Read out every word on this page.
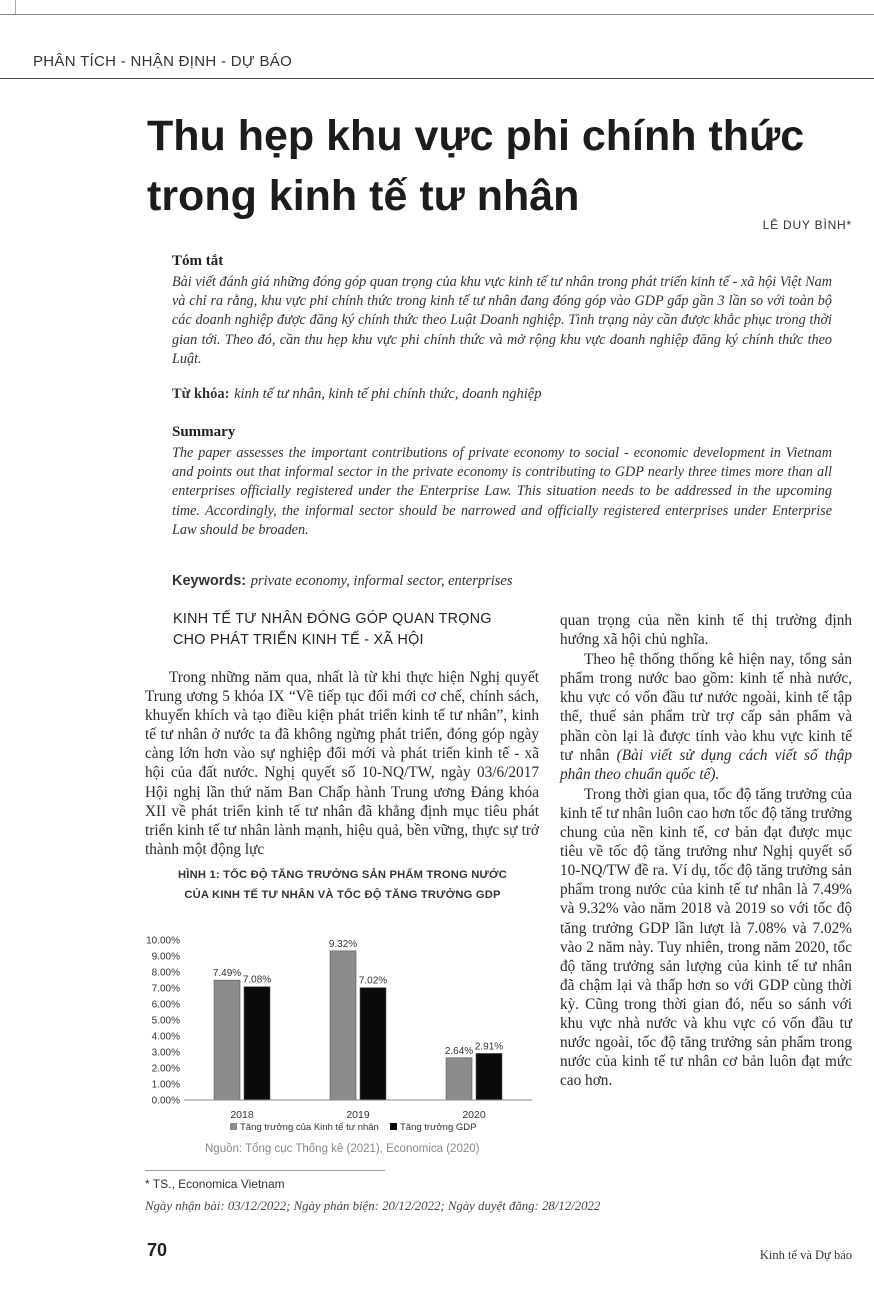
PHÂN TÍCH - NHẬN ĐỊNH - DỰ BÁO
Thu hẹp khu vực phi chính thức
trong kinh tế tư nhân
LÊ DUY BÌNH*
Tóm tắt
Bài viết đánh giá những đóng góp quan trọng của khu vực kinh tế tư nhân trong phát triển kinh tế - xã hội Việt Nam và chỉ ra rằng, khu vực phi chính thức trong kinh tế tư nhân đang đóng góp vào GDP gấp gần 3 lần so với toàn bộ các doanh nghiệp được đăng ký chính thức theo Luật Doanh nghiệp. Tình trạng này cần được khắc phục trong thời gian tới. Theo đó, cần thu hẹp khu vực phi chính thức và mở rộng khu vực doanh nghiệp đăng ký chính thức theo Luật.
Từ khóa: kinh tế tư nhân, kinh tế phi chính thức, doanh nghiệp
Summary
The paper assesses the important contributions of private economy to social - economic development in Vietnam and points out that informal sector in the private economy is contributing to GDP nearly three times more than all enterprises officially registered under the Enterprise Law. This situation needs to be addressed in the upcoming time. Accordingly, the informal sector should be narrowed and officially registered enterprises under Enterprise Law should be broaden.
Keywords: private economy, informal sector, enterprises
KINH TẾ TƯ NHÂN ĐÓNG GÓP QUAN TRỌNG
CHO PHÁT TRIỂN KINH TẾ - XÃ HỘI

Trong những năm qua, nhất là từ khi thực hiện Nghị quyết Trung ương 5 khóa IX “Về tiếp tục đổi mới cơ chế, chính sách, khuyến khích và tạo điều kiện phát triển kinh tế tư nhân”, kinh tế tư nhân ở nước ta đã không ngừng phát triển, đóng góp ngày càng lớn hơn vào sự nghiệp đổi mới và phát triển kinh tế - xã hội của đất nước. Nghị quyết số 10-NQ/TW, ngày 03/6/2017 Hội nghị lần thứ năm Ban Chấp hành Trung ương Đảng khóa XII về phát triển kinh tế tư nhân đã khẳng định mục tiêu phát triển kinh tế tư nhân lành mạnh, hiệu quả, bền vững, thực sự trở thành một động lực

quan trọng của nền kinh tế thị trường định hướng xã hội chủ nghĩa.

Theo hệ thống thống kê hiện nay, tổng sản phẩm trong nước bao gồm: kinh tế nhà nước, khu vực có vốn đầu tư nước ngoài, kinh tế tập thể, thuế sản phẩm trừ trợ cấp sản phẩm và phần còn lại là được tính vào khu vực kinh tế tư nhân (Bài viết sử dụng cách viết số thập phân theo chuẩn quốc tế).

Trong thời gian qua, tốc độ tăng trưởng của kinh tế tư nhân luôn cao hơn tốc độ tăng trưởng chung của nền kinh tế, cơ bản đạt được mục tiêu về tốc độ tăng trưởng như Nghị quyết số 10-NQ/TW đề ra. Ví dụ, tốc độ tăng trưởng sản phẩm trong nước của kinh tế tư nhân là 7.49% và 9.32% vào năm 2018 và 2019 so với tốc độ tăng trưởng GDP lần lượt là 7.08% và 7.02% vào 2 năm này. Tuy nhiên, trong năm 2020, tốc độ tăng trưởng sản lượng của kinh tế tư nhân đã chậm lại và thấp hơn so với GDP cùng thời kỳ. Cũng trong thời gian đó, nếu so sánh với khu vực nhà nước và khu vực có vốn đầu tư nước ngoài, tốc độ tăng trưởng sản phẩm trong nước của kinh tế tư nhân cơ bản luôn đạt mức cao hơn.

HÌNH 1: TỐC ĐỘ TĂNG TRƯỞNG SẢN PHẨM TRONG NƯỚC
CỦA KINH TẾ TƯ NHÂN VÀ TỐC ĐỘ TĂNG TRƯỞNG GDP
0.00%
1.00%
2.00%
3.00%
4.00%
5.00%
6.00%
7.00%
8.00%
9.00%
10.00%
7.49%
7.08%
9.32%
7.02%
2.64% 2.91%
2018	2019	2020
Tăng trưởng của Kinh tế tư nhân Tăng trưởng GDP
Nguồn: Tổng cục Thống kê (2021), Economica (2020)
* TS., Economica Vietnam
Ngày nhận bài: 03/12/2022; Ngày phản biện: 20/12/2022; Ngày duyệt đăng: 28/12/2022
70	Kinh tế và Dự báo
